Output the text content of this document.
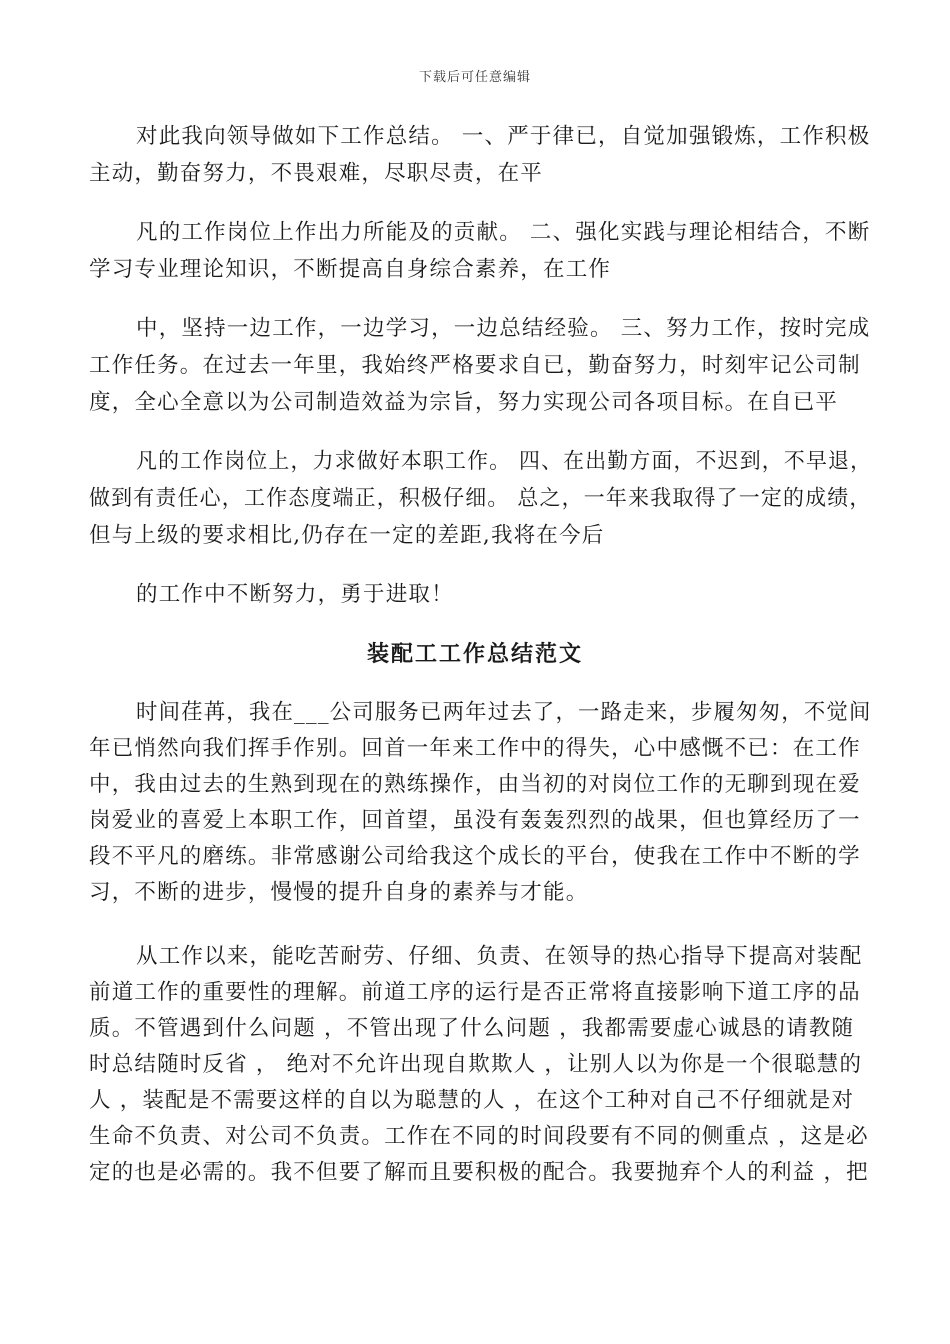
下载后可任意编辑
对此我向领导做如下工作总结。 一、严于律已，自觉加强锻炼，工作积极
主动，勤奋努力，不畏艰难，尽职尽责，在平
凡的工作岗位上作出力所能及的贡献。 二、强化实践与理论相结合，不断
学习专业理论知识，不断提高自身综合素养，在工作
中，坚持一边工作，一边学习，一边总结经验。 三、努力工作，按时完成
工作任务。在过去一年里，我始终严格要求自已，勤奋努力，时刻牢记公司制
度，全心全意以为公司制造效益为宗旨，努力实现公司各项目标。在自已平
凡的工作岗位上，力求做好本职工作。 四、在出勤方面，不迟到，不早退，
做到有责任心，工作态度端正，积极仔细。 总之，一年来我取得了一定的成绩，
但与上级的要求相比,仍存在一定的差距,我将在今后
的工作中不断努力，勇于进取！
装配工工作总结范文
时间荏苒，我在___公司服务已两年过去了，一路走来，步履匆匆，不觉间
年已悄然向我们挥手作别。回首一年来工作中的得失，心中感慨不已：在工作
中，我由过去的生熟到现在的熟练操作，由当初的对岗位工作的无聊到现在爱
岗爱业的喜爱上本职工作，回首望，虽没有轰轰烈烈的战果，但也算经历了一
段不平凡的磨练。非常感谢公司给我这个成长的平台，使我在工作中不断的学
习，不断的进步，慢慢的提升自身的素养与才能。
从工作以来，能吃苦耐劳、仔细、负责、在领导的热心指导下提高对装配
前道工作的重要性的理解。前道工序的运行是否正常将直接影响下道工序的品
质。不管遇到什么问题 ，不管出现了什么问题 ，我都需要虚心诚恳的请教随
时总结随时反省 ， 绝对不允许出现自欺欺人 ，让别人以为你是一个很聪慧的
人 ，装配是不需要这样的自以为聪慧的人 ，在这个工种对自己不仔细就是对
生命不负责、对公司不负责。工作在不同的时间段要有不同的侧重点 ，这是必
定的也是必需的。我不但要了解而且要积极的配合。我要抛弃个人的利益 ，把
